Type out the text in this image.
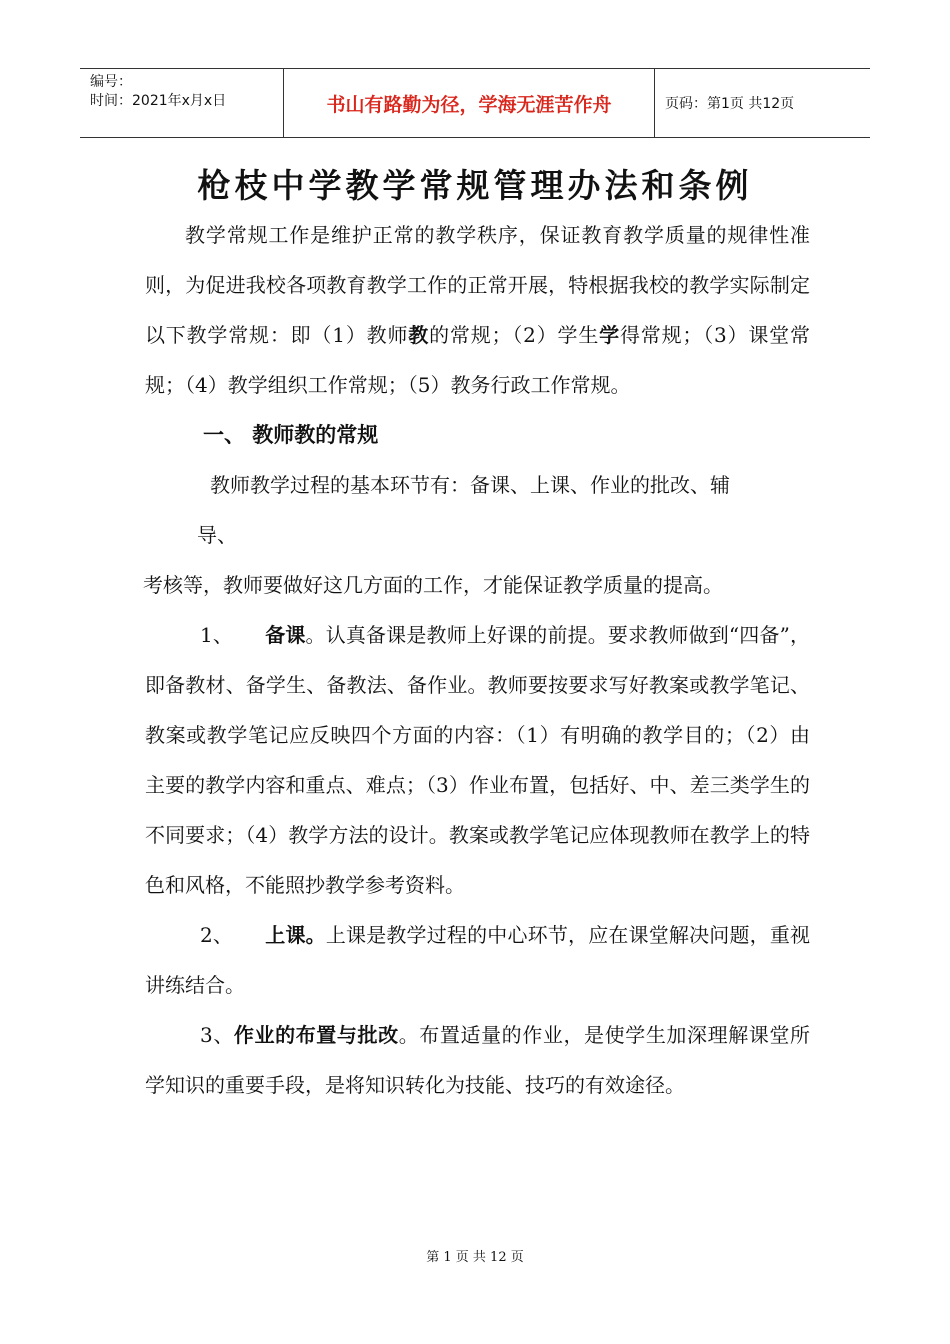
编号：
时间：2021年x月x日	书山有路勤为径，学海无涯苦作舟	页码：第1页 共12页
枪枝中学教学常规管理办法和条例

教学常规工作是维护正常的教学秩序，保证教育教学质量的规律性准则，为促进我校各项教育教学工作的正常开展，特根据我校的教学实际制定以下教学常规：即（1）教师教的常规；（2）学生学得常规；（3）课堂常规；（4）教学组织工作常规；（5）教务行政工作常规。

一、 教师教的常规

教师教学过程的基本环节有：备课、上课、作业的批改、辅

导、

考核等，教师要做好这几方面的工作，才能保证教学质量的提高。

1、 备课。认真备课是教师上好课的前提。要求教师做到“四备”，即备教材、备学生、备教法、备作业。教师要按要求写好教案或教学笔记、教案或教学笔记应反映四个方面的内容：（1）有明确的教学目的；（2）由主要的教学内容和重点、难点；（3）作业布置，包括好、中、差三类学生的不同要求；（4）教学方法的设计。教案或教学笔记应体现教师在教学上的特色和风格，不能照抄教学参考资料。

2、 上课。上课是教学过程的中心环节，应在课堂解决问题，重视讲练结合。

3、作业的布置与批改。布置适量的作业，是使学生加深理解课堂所学知识的重要手段，是将知识转化为技能、技巧的有效途径。

第 1 页 共 12 页
